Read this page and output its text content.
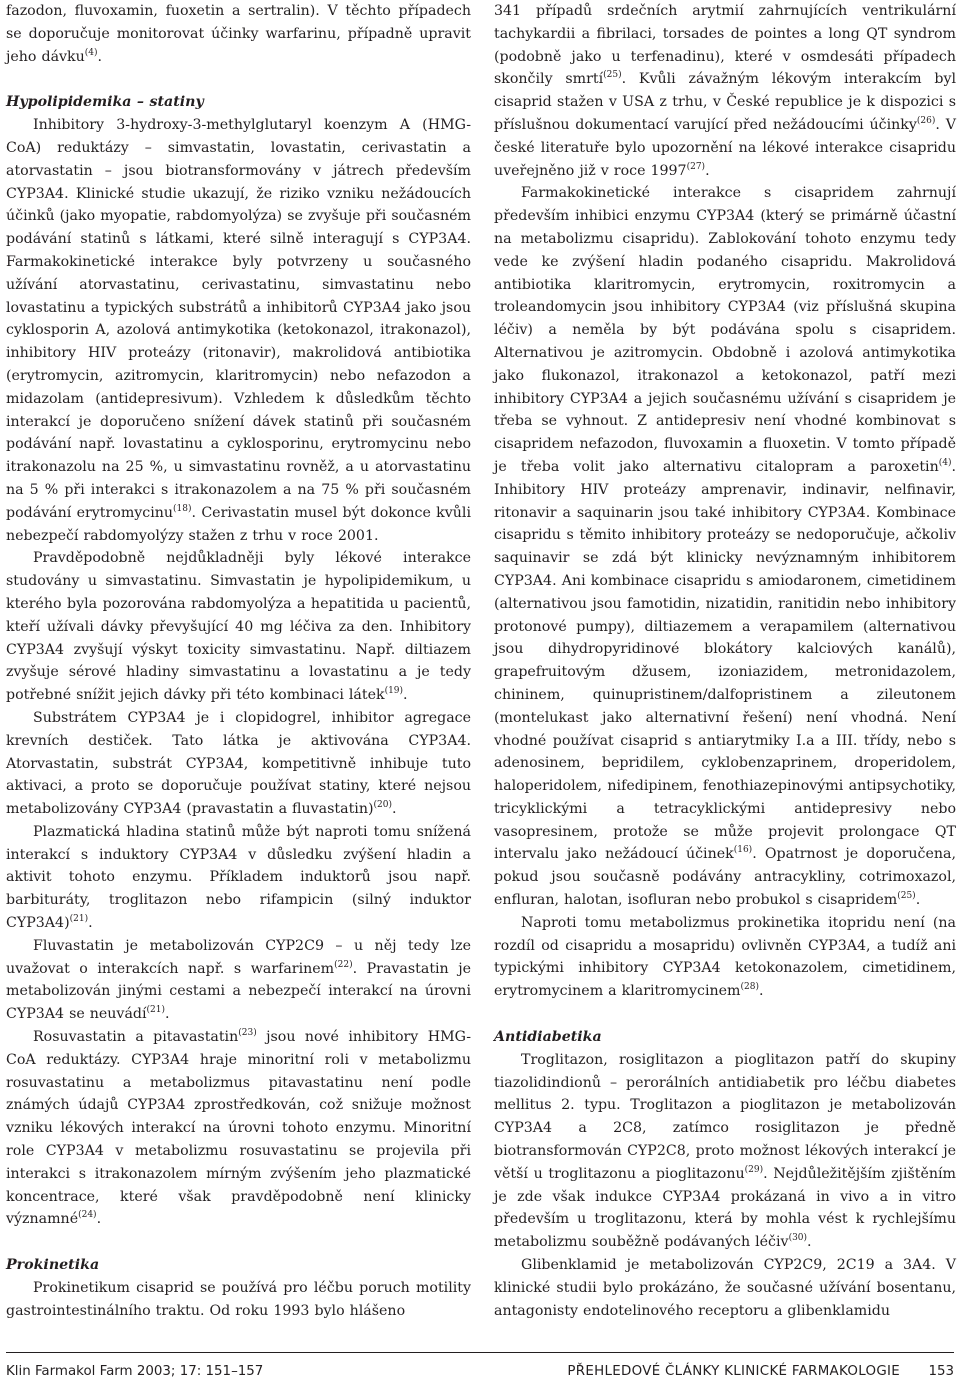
fazodon, fluvoxamin, fuoxetin a sertralin). V těchto případech se doporučuje monitorovat účinky warfarinu, případně upravit jeho dávku$^{(4)}$.

Hypolipidemika – statiny

Inhibitory 3-hydroxy-3-methylglutaryl koenzym A (HMG-CoA) reduktázy – simvastatin, lovastatin, cerivastatin a atorvastatin – jsou biotransformovány v játrech především CYP3A4. Klinické studie ukazují, že riziko vzniku nežádoucích účinků (jako myopatie, rabdomyolýza) se zvyšuje při současném podávání statinů s látkami, které silně interagují s CYP3A4. Farmakokinetické interakce byly potvrzeny u současného užívání atorvastatinu, cerivastatinu, simvastatinu nebo lovastatinu a typických substrátů a inhibitorů CYP3A4 jako jsou cyklosporin A, azolová antimykotika (ketokonazol, itrakonazol), inhibitory HIV proteázy (ritonavir), makrolidová antibiotika (erytromycin, azitromycin, klaritromycin) nebo nefazodon a midazolam (antidepresivum). Vzhledem k důsledkům těchto interakcí je doporučeno snížení dávek statinů při současném podávání např. lovastatinu a cyklosporinu, erytromycinu nebo itrakonazolu na 25 %, u simvastatinu rovněž, a u atorvastatinu na 5 % při interakci s itrakonazolem a na 75 % při současném podávání erytromycinu$^{(18)}$. Cerivastatin musel být dokonce kvůli nebezpečí rabdomyolýzy stažen z trhu v roce 2001.

Pravděpodobně nejdůkladněji byly lékové interakce studovány u simvastatinu. Simvastatin je hypolipidemikum, u kterého byla pozorována rabdomyolýza a hepatitida u pacientů, kteří užívali dávky převyšující 40 mg léčiva za den. Inhibitory CYP3A4 zvyšují výskyt toxicity simvastatinu. Např. diltiazem zvyšuje sérové hladiny simvastatinu a lovastatinu a je tedy potřebné snížit jejich dávky při této kombinaci látek$^{(19)}$.

Substrátem CYP3A4 je i clopidogrel, inhibitor agregace krevních destiček. Tato látka je aktivována CYP3A4. Atorvastatin, substrát CYP3A4, kompetitivně inhibuje tuto aktivaci, a proto se doporučuje používat statiny, které nejsou metabolizovány CYP3A4 (pravastatin a fluvastatin)$^{(20)}$.

Plazmatická hladina statinů může být naproti tomu snížená interakcí s induktory CYP3A4 v důsledku zvýšení hladin a aktivit tohoto enzymu. Příkladem induktorů jsou např. barbituráty, troglitazon nebo rifampicin (silný induktor CYP3A4)$^{(21)}$.

Fluvastatin je metabolizován CYP2C9 – u něj tedy lze uvažovat o interakcích např. s warfarinem$^{(22)}$. Pravastatin je metabolizován jinými cestami a nebezpečí interakcí na úrovni CYP3A4 se neuvádí$^{(21)}$.

Rosuvastatin a pitavastatin$^{(23)}$ jsou nové inhibitory HMG-CoA reduktázy. CYP3A4 hraje minoritní roli v metabolizmu rosuvastatinu a metabolizmus pitavastatinu není podle známých údajů CYP3A4 zprostředkován, což snižuje možnost vzniku lékových interakcí na úrovni tohoto enzymu. Minoritní role CYP3A4 v metabolizmu rosuvastatinu se projevila při interakci s itrakonazolem mírným zvýšením jeho plazmatické koncentrace, které však pravděpodobně není klinicky významné$^{(24)}$.

Prokinetika

Prokinetikum cisaprid se používá pro léčbu poruch motility gastrointestinálního traktu. Od roku 1993 bylo hlášeno

341 případů srdečních arytmií zahrnujících ventrikulární tachykardii a fibrilaci, torsades de pointes a long QT syndrom (podobně jako u terfenadinu), které v osmdesáti případech skončily smrtí$^{(25)}$. Kvůli závažným lékovým interakcím byl cisaprid stažen v USA z trhu, v České republice je k dispozici s příslušnou dokumentací varující před nežádoucími účinky$^{(26)}$. V české literatuře bylo upozornění na lékové interakce cisapridu uveřejněno již v roce 1997$^{(27)}$.

Farmakokinetické interakce s cisapridem zahrnují především inhibici enzymu CYP3A4 (který se primárně účastní na metabolizmu cisapridu). Zablokování tohoto enzymu tedy vede ke zvýšení hladin podaného cisapridu. Makrolidová antibiotika klaritromycin, erytromycin, roxitromycin a troleandomycin jsou inhibitory CYP3A4 (viz příslušná skupina léčiv) a neměla by být podávána spolu s cisapridem. Alternativou je azitromycin. Obdobně i azolová antimykotika jako flukonazol, itrakonazol a ketokonazol, patří mezi inhibitory CYP3A4 a jejich současnému užívání s cisapridem je třeba se vyhnout. Z antidepresiv není vhodné kombinovat s cisapridem nefazodon, fluvoxamin a fluoxetin. V tomto případě je třeba volit jako alternativu citalopram a paroxetin$^{(4)}$. Inhibitory HIV proteázy amprenavir, indinavir, nelfinavir, ritonavir a saquinarin jsou také inhibitory CYP3A4. Kombinace cisapridu s těmito inhibitory proteázy se nedoporučuje, ačkoliv saquinavir se zdá být klinicky nevýznamným inhibitorem CYP3A4. Ani kombinace cisapridu s amiodaronem, cimetidinem (alternativou jsou famotidin, nizatidin, ranitidin nebo inhibitory protonové pumpy), diltiazemem a verapamilem (alternativou jsou dihydropyridinové blokátory kalciových kanálů), grapefruitovým džusem, izoniazidem, metronidazolem, chininem, quinupristinem/dalfopristinem a zileutonem (montelukast jako alternativní řešení) není vhodná. Není vhodné používat cisaprid s antiarytmiky I.a a III. třídy, nebo s adenosinem, bepridilem, cyklobenzaprinem, droperidolem, haloperidolem, nifedipinem, fenothiazepinovými antipsychotiky, tricyklickými a tetracyklickými antidepresivy nebo vasopresinem, protože se může projevit prolongace QT intervalu jako nežádoucí účinek$^{(16)}$. Opatrnost je doporučena, pokud jsou současně podávány antracykliny, cotrimoxazol, enfluran, halotan, isofluran nebo probukol s cisapridem$^{(25)}$.

Naproti tomu metabolizmus prokinetika itopridu není (na rozdíl od cisapridu a mosapridu) ovlivněn CYP3A4, a tudíž ani typickými inhibitory CYP3A4 ketokonazolem, cimetidinem, erytromycinem a klaritromycinem$^{(28)}$.

Antidiabetika

Troglitazon, rosiglitazon a pioglitazon patří do skupiny tiazolidindionů – perorálních antidiabetik pro léčbu diabetes mellitus 2. typu. Troglitazon a pioglitazon je metabolizován CYP3A4 a 2C8, zatímco rosiglitazon je předně biotransformován CYP2C8, proto možnost lékových interakcí je větší u troglitazonu a pioglitazonu$^{(29)}$. Nejdůležitějším zjištěním je zde však indukce CYP3A4 prokázaná in vivo a in vitro především u troglitazonu, která by mohla vést k rychlejšímu metabolizmu souběžně podávaných léčiv$^{(30)}$.

Glibenklamid je metabolizován CYP2C9, 2C19 a 3A4. V klinické studii bylo prokázáno, že současné užívání bosentanu, antagonisty endotelinového receptoru a glibenklamidu

Klin Farmakol Farm 2003; 17: 151–157	PŘEHLEDOVÉ ČLÁNKY KLINICKÉ FARMAKOLOGIE 153
